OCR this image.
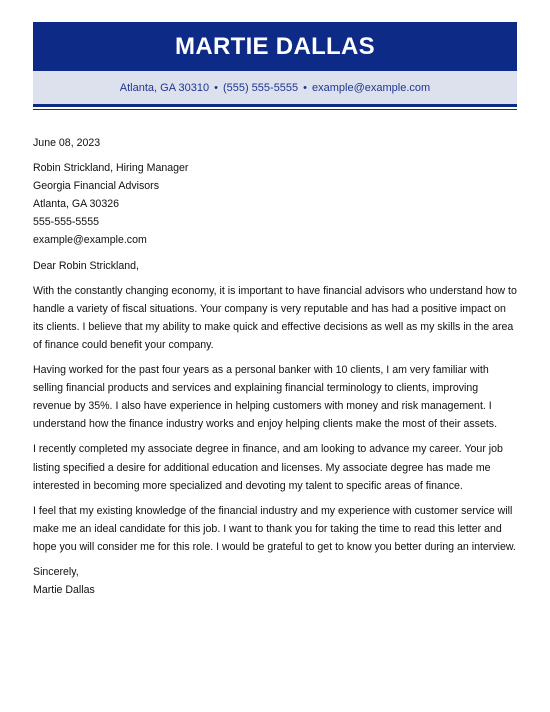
MARTIE DALLAS
Atlanta, GA 30310 • (555) 555-5555 • example@example.com

June 08, 2023

Robin Strickland, Hiring Manager

Georgia Financial Advisors

Atlanta, GA 30326

555-555-5555

example@example.com

Dear Robin Strickland,

With the constantly changing economy, it is important to have financial advisors who understand how to handle a variety of fiscal situations. Your company is very reputable and has had a positive impact on its clients. I believe that my ability to make quick and effective decisions as well as my skills in the area of finance could benefit your company.

Having worked for the past four years as a personal banker with 10 clients, I am very familiar with selling financial products and services and explaining financial terminology to clients, improving revenue by 35%. I also have experience in helping customers with money and risk management. I understand how the finance industry works and enjoy helping clients make the most of their assets.

I recently completed my associate degree in finance, and am looking to advance my career. Your job listing specified a desire for additional education and licenses. My associate degree has made me interested in becoming more specialized and devoting my talent to specific areas of finance.

I feel that my existing knowledge of the financial industry and my experience with customer service will make me an ideal candidate for this job. I want to thank you for taking the time to read this letter and hope you will consider me for this role. I would be grateful to get to know you better during an interview.

Sincerely,

Martie Dallas
